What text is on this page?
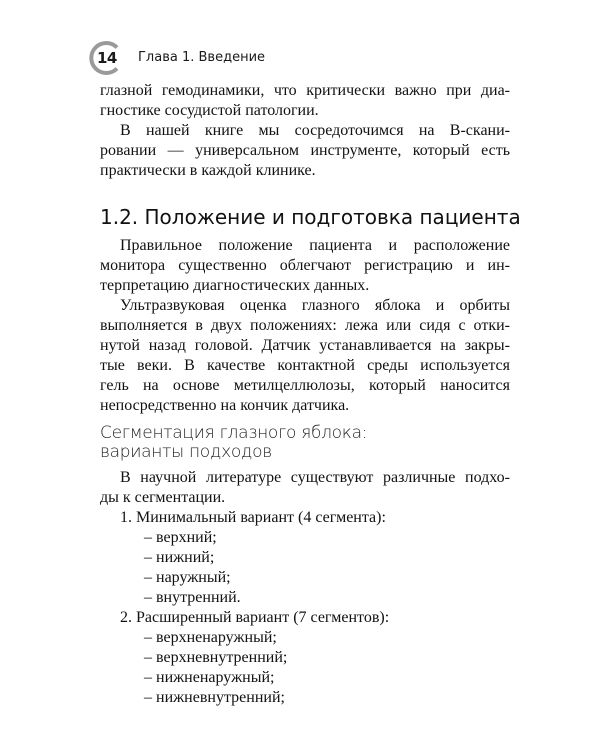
14 Глава 1. Введение
глазной гемодинамики, что критически важно при диа-
гностике сосудистой патологии.
В нашей книге мы сосредоточимся на B-скани-
ровании — универсальном инструменте, который есть
практически в каждой клинике.
1.2. Положение и подготовка пациента
Правильное положение пациента и расположение
монитора существенно облегчают регистрацию и ин-
терпретацию диагностических данных.
Ультразвуковая оценка глазного яблока и орбиты
выполняется в двух положениях: лежа или сидя с отки-
нутой назад головой. Датчик устанавливается на закры-
тые веки. В качестве контактной среды используется
гель на основе метилцеллюлозы, который наносится
непосредственно на кончик датчика.
Сегментация глазного яблока:
варианты подходов
В научной литературе существуют различные подхо-
ды к сегментации.
1. Минимальный вариант (4 сегмента):
– верхний;
– нижний;
– наружный;
– внутренний.
2. Расширенный вариант (7 сегментов):
– верхненаружный;
– верхневнутренний;
– нижненаружный;
– нижневнутренний;
